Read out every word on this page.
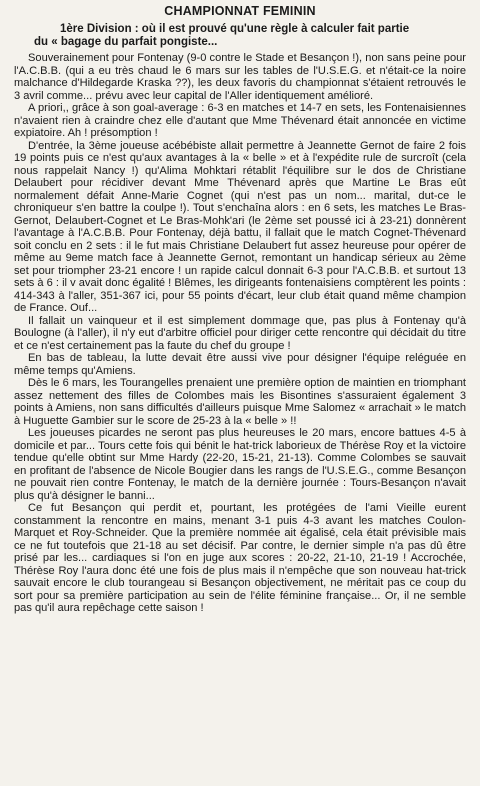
CHAMPIONNAT FEMININ
1ère Division : où il est prouvé qu'une règle à calculer fait partie
du « bagage du parfait pongiste...

Souverainement pour Fontenay (9-0 contre le Stade et Besançon !), non sans peine pour l'A.C.B.B. (qui a eu très chaud le 6 mars sur les tables de l'U.S.E.G. et n'était-ce la noire malchance d'Hildegarde Kraska ??), les deux favoris du championnat s'étaient retrouvés le 3 avril comme... prévu avec leur capital de l'Aller identiquement amélioré.

A priori,, grâce à son goal-average : 6-3 en matches et 14-7 en sets, les Fontenaisiennes n'avaient rien à craindre chez elle d'autant que Mme Thévenard était annoncée en victime expiatoire. Ah ! présomption !

D'entrée, la 3ème joueuse acébébiste allait permettre à Jeannette Gernot de faire 2 fois 19 points puis ce n'est qu'aux avantages à la « belle » et à l'expédite rule de surcroît (cela nous rappelait Nancy !) qu'Alima Mohktari rétablit l'équilibre sur le dos de Christiane Delaubert pour récidiver devant Mme Thévenard après que Martine Le Bras eût normalement défait Anne-Marie Cognet (qui n'est pas un nom... marital, dut-ce le chroniqueur s'en battre la coulpe !). Tout s'enchaîna alors : en 6 sets, les matches Le Bras-Gernot, Delaubert-Cognet et Le Bras-Mohk'ari (le 2ème set poussé ici à 23-21) donnèrent l'avantage à l'A.C.B.B. Pour Fontenay, déjà battu, il fallait que le match Cognet-Thévenard soit conclu en 2 sets : il le fut mais Christiane Delaubert fut assez heureuse pour opérer de même au 9eme match face à Jeannette Gernot, remontant un handicap sérieux au 2ème set pour triompher 23-21 encore ! un rapide calcul donnait 6-3 pour l'A.C.B.B. et surtout 13 sets à 6 : il v avait donc égalité ! Blêmes, les dirigeants fontenaisiens comptèrent les points : 414-343 à l'aller, 351-367 ici, pour 55 points d'écart, leur club était quand même champion de France. Ouf...

Il fallait un vainqueur et il est simplement dommage que, pas plus à Fontenay qu'à Boulogne (à l'aller), il n'y eut d'arbitre officiel pour diriger cette rencontre qui décidait du titre et ce n'est certainement pas la faute du chef du groupe !

En bas de tableau, la lutte devait être aussi vive pour désigner l'équipe reléguée en même temps qu'Amiens.

Dès le 6 mars, les Tourangelles prenaient une première option de maintien en triomphant assez nettement des filles de Colombes mais les Bisontines s'assuraient également 3 points à Amiens, non sans difficultés d'ailleurs puisque Mme Salomez « arrachait » le match à Huguette Gambier sur le score de 25-23 à la « belle » !!

Les joueuses picardes ne seront pas plus heureuses le 20 mars, encore battues 4-5 à domicile et par... Tours cette fois qui bénit le hat-trick laborieux de Thérèse Roy et la victoire tendue qu'elle obtint sur Mme Hardy (22-20, 15-21, 21-13). Comme Colombes se sauvait en profitant de l'absence de Nicole Bougier dans les rangs de l'U.S.E.G., comme Besançon ne pouvait rien contre Fontenay, le match de la dernière journée : Tours-Besançon n'avait plus qu'à désigner le banni...

Ce fut Besançon qui perdit et, pourtant, les protégées de l'ami Vieille eurent constamment la rencontre en mains, menant 3-1 puis 4-3 avant les matches Coulon-Marquet et Roy-Schneider. Que la première nommée ait égalisé, cela était prévisible mais ce ne fut toutefois que 21-18 au set décisif. Par contre, le dernier simple n'a pas dû être prisé par les... cardiaques si l'on en juge aux scores : 20-22, 21-10, 21-19 ! Accrochée, Thérèse Roy l'aura donc été une fois de plus mais il n'empêche que son nouveau hat-trick sauvait encore le club tourangeau si Besançon objectivement, ne méritait pas ce coup du sort pour sa première participation au sein de l'élite féminine française... Or, il ne semble pas qu'il aura repêchage cette saison !
